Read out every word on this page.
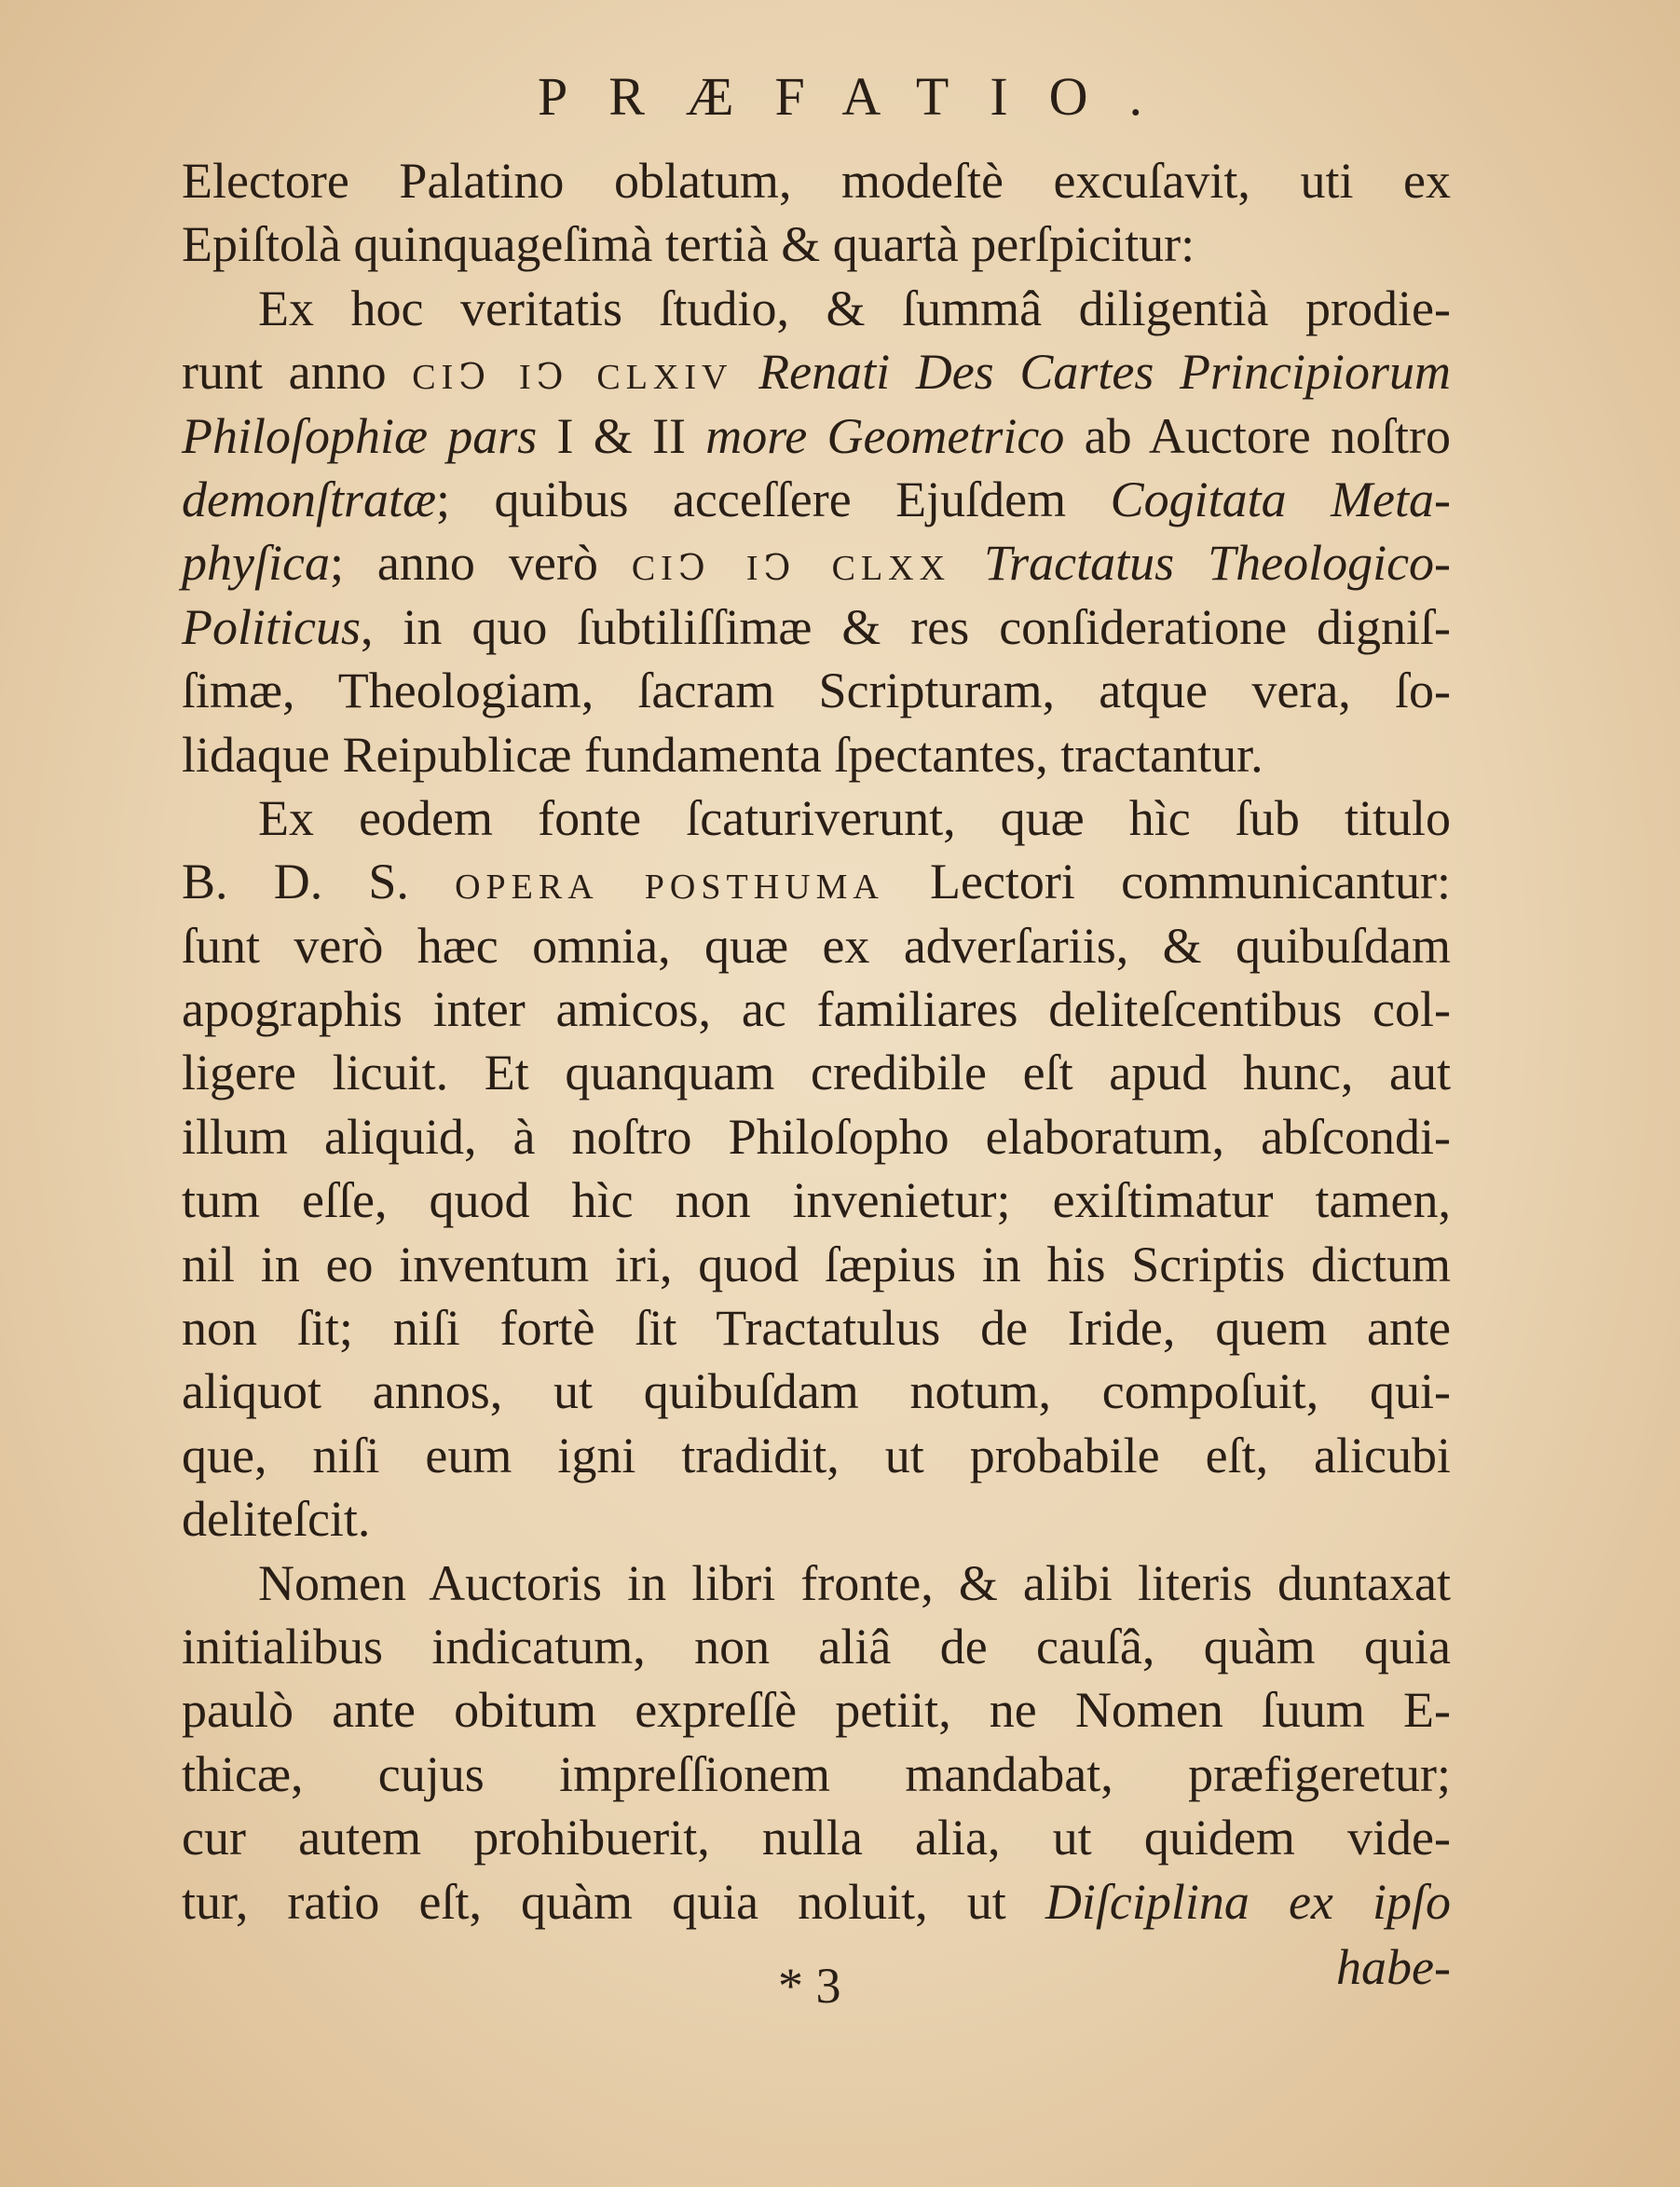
PRÆFATIO.
Electore Palatino oblatum, modeſtè excuſavit, uti ex
Epiſtolà quinquageſimà tertià & quartà perſpicitur:
Ex hoc veritatis ſtudio, & ſummâ diligentià prodie-
runt anno CIↃ IↃ CLXIV Renati Des Cartes Principiorum
Philoſophiæ pars I & II more Geometrico ab Auctore noſtro
demonſtratæ; quibus acceſſere Ejuſdem Cogitata Meta-
phyſica; anno verò CIↃ IↃ CLXX Tractatus Theologico-
Politicus, in quo ſubtiliſſimæ & res conſideratione digniſ-
ſimæ, Theologiam, ſacram Scripturam, atque vera, ſo-
lidaque Reipublicæ fundamenta ſpectantes, tractantur.
Ex eodem fonte ſcaturiverunt, quæ hìc ſub titulo
B. D. S. OPERA POSTHUMA Lectori communicantur:
ſunt verò hæc omnia, quæ ex adverſariis, & quibuſdam
apographis inter amicos, ac familiares deliteſcentibus col-
ligere licuit. Et quanquam credibile eſt apud hunc, aut
illum aliquid, à noſtro Philoſopho elaboratum, abſcondi-
tum eſſe, quod hìc non invenietur; exiſtimatur tamen,
nil in eo inventum iri, quod ſæpius in his Scriptis dictum
non ſit; niſi fortè ſit Tractatulus de Iride, quem ante
aliquot annos, ut quibuſdam notum, compoſuit, qui-
que, niſi eum igni tradidit, ut probabile eſt, alicubi
deliteſcit.
Nomen Auctoris in libri fronte, & alibi literis duntaxat
initialibus indicatum, non aliâ de cauſâ, quàm quia
paulò ante obitum expreſſè petiit, ne Nomen ſuum E-
thicæ, cujus impreſſionem mandabat, præfigeretur;
cur autem prohibuerit, nulla alia, ut quidem vide-
tur, ratio eſt, quàm quia noluit, ut Diſciplina ex ipſo
* 3	habe-
